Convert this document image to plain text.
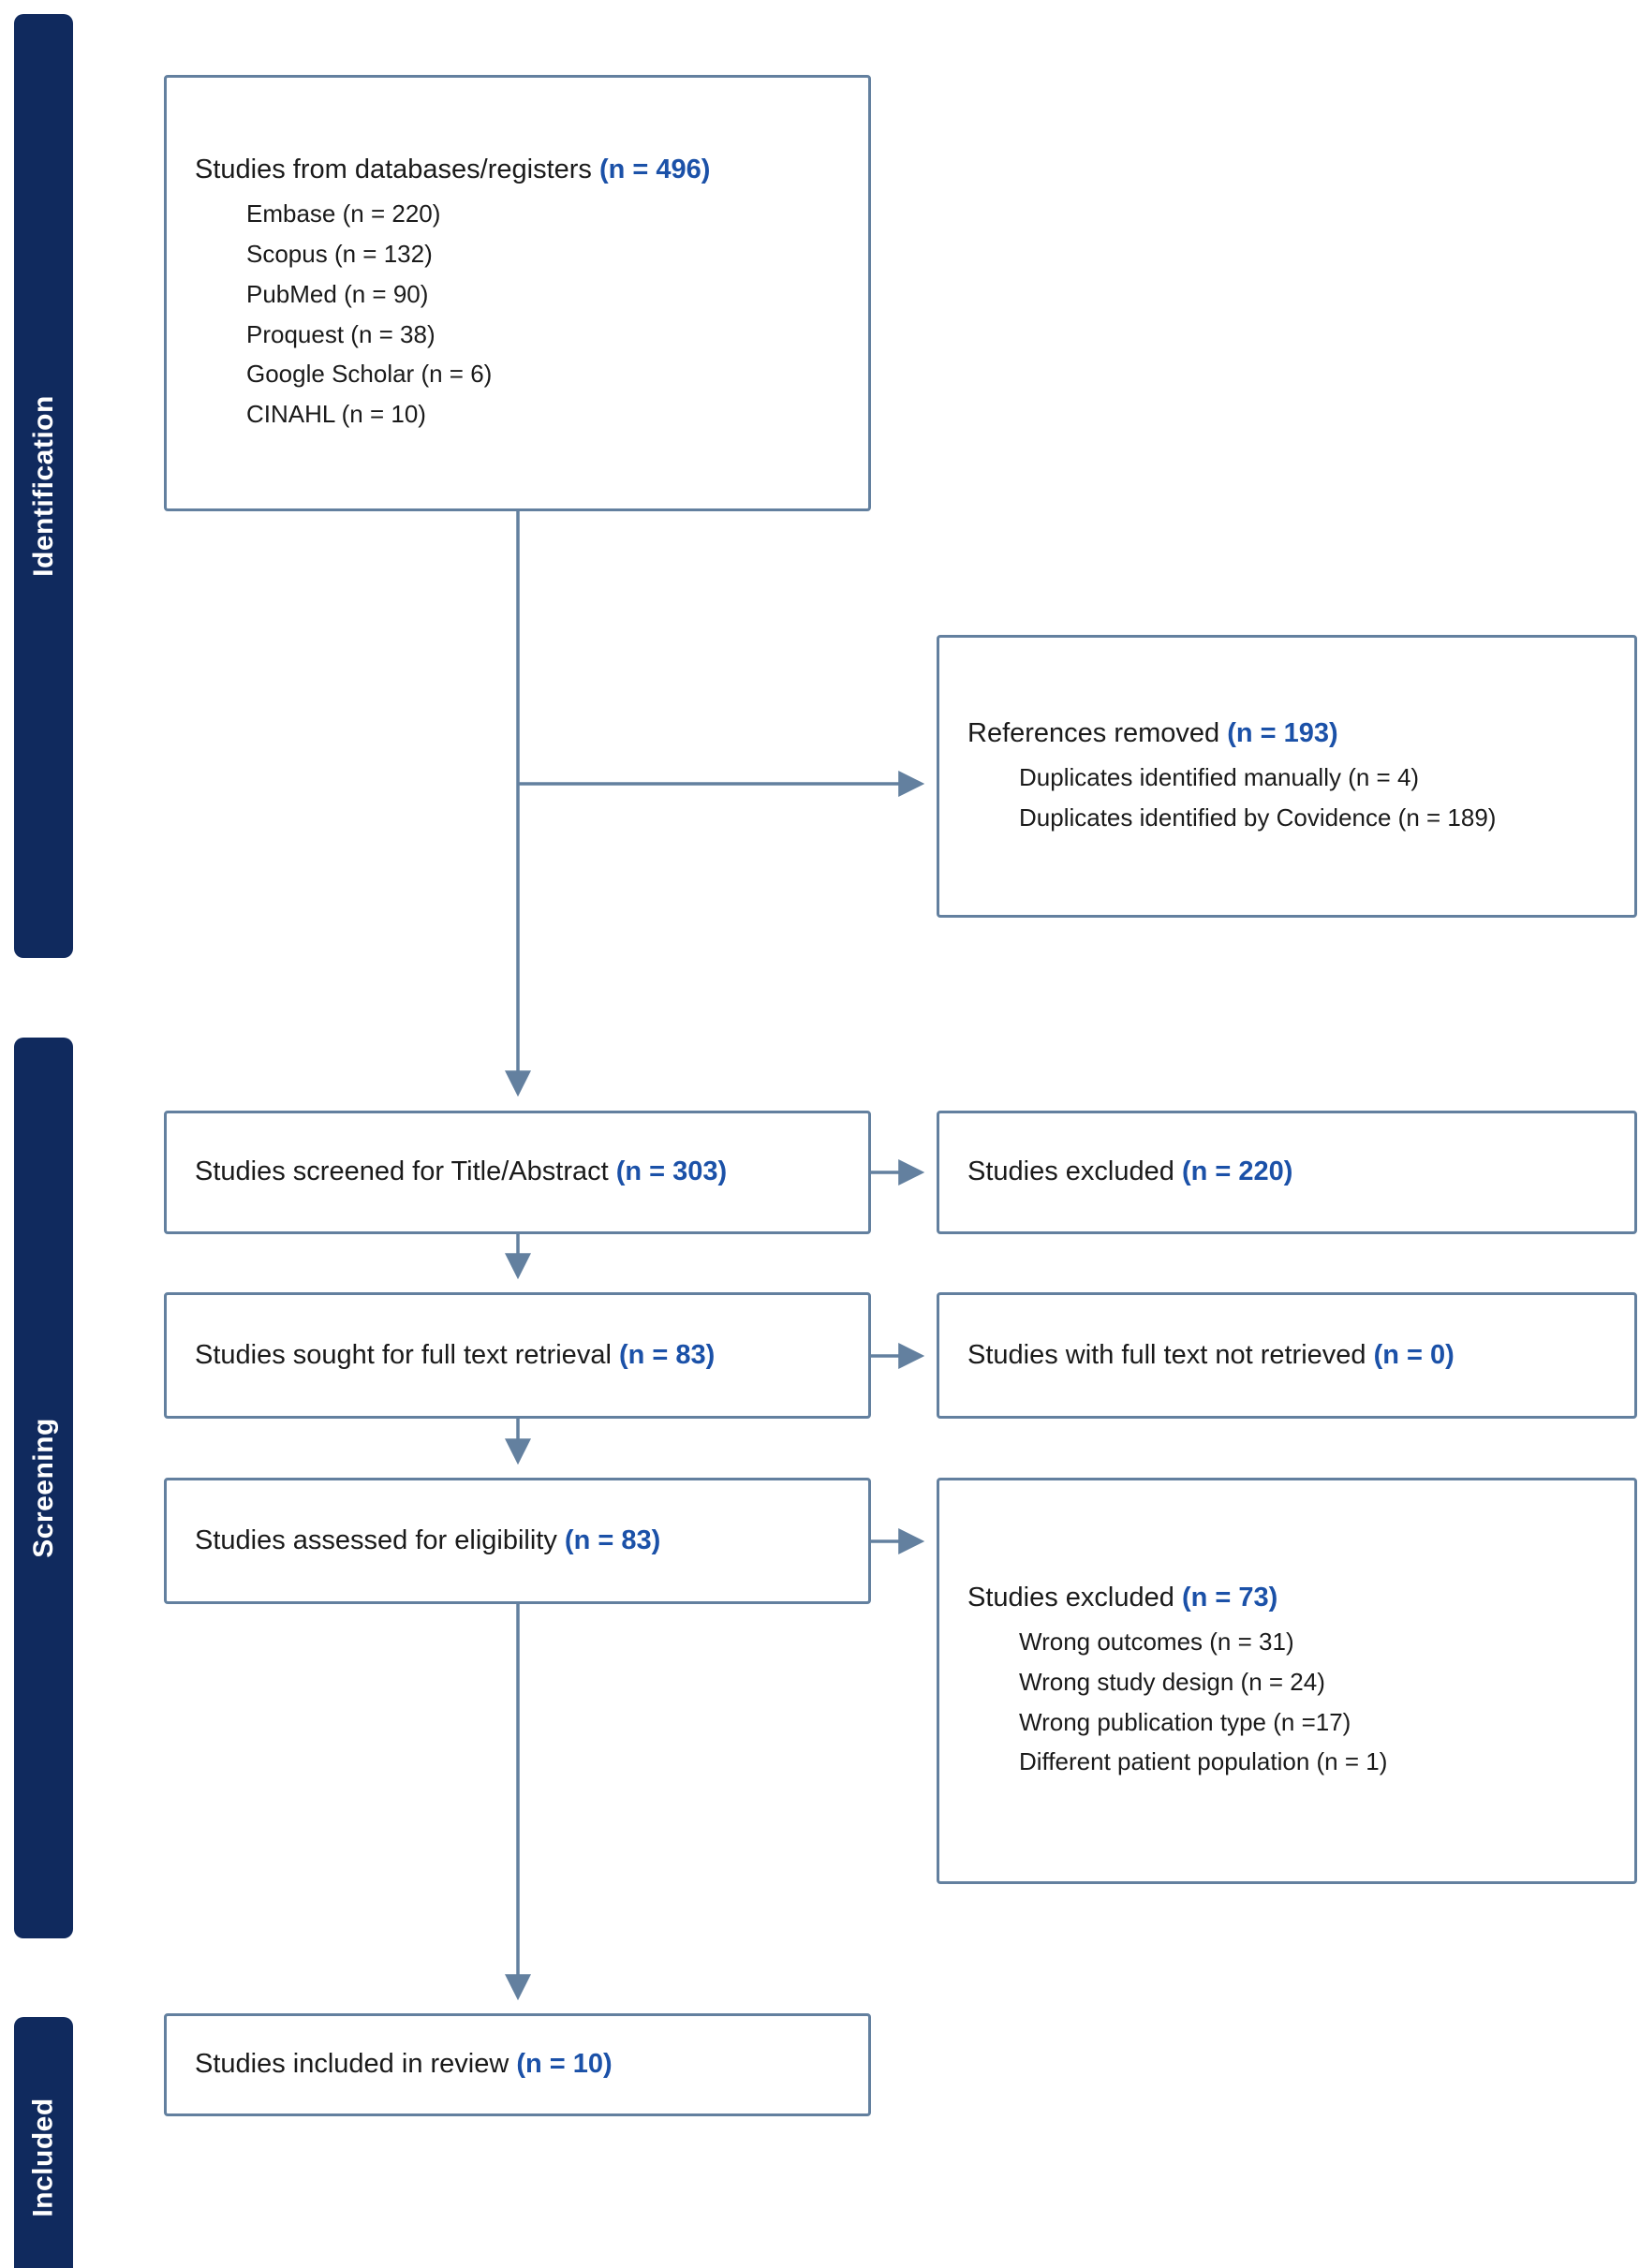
Identification
Screening
Included
Studies from databases/registers (n = 496)
Embase (n = 220)
Scopus (n = 132)
PubMed (n = 90)
Proquest (n = 38)
Google Scholar (n = 6)
CINAHL (n = 10)
References removed (n = 193)
Duplicates identified manually (n = 4)
Duplicates identified by Covidence (n = 189)
Studies screened for Title/Abstract (n = 303)	Studies excluded (n = 220)
Studies sought for full text retrieval (n = 83)	Studies with full text not retrieved (n = 0)
Studies assessed for eligibility (n = 83)
Studies excluded (n = 73)
Wrong outcomes (n = 31)
Wrong study design (n = 24)
Wrong publication type (n =17)
Different patient population (n = 1)
Studies included in review (n = 10)
